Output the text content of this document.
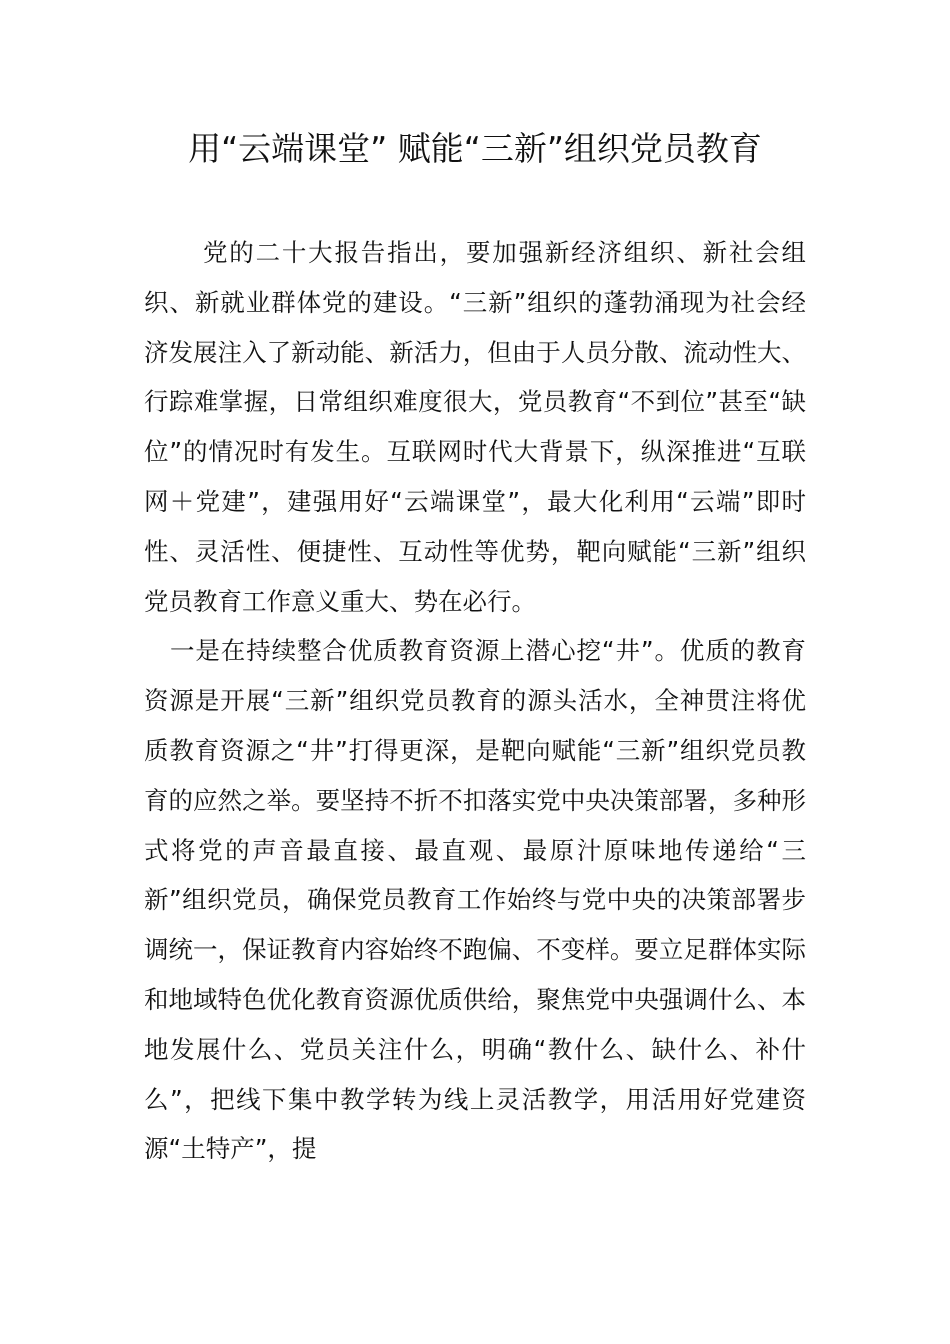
用“云端课堂” 赋能“三新”组织党员教育

党的二十大报告指出，要加强新经济组织、新社会组织、新就业群体党的建设。“三新”组织的蓬勃涌现为社会经济发展注入了新动能、新活力，但由于人员分散、流动性大、行踪难掌握，日常组织难度很大，党员教育“不到位”甚至“缺位”的情况时有发生。互联网时代大背景下，纵深推进“互联网＋党建”，建强用好“云端课堂”，最大化利用“云端”即时性、灵活性、便捷性、互动性等优势，靶向赋能“三新”组织党员教育工作意义重大、势在必行。

一是在持续整合优质教育资源上潜心挖“井”。优质的教育资源是开展“三新”组织党员教育的源头活水，全神贯注将优质教育资源之“井”打得更深，是靶向赋能“三新”组织党员教育的应然之举。要坚持不折不扣落实党中央决策部署，多种形式将党的声音最直接、最直观、最原汁原味地传递给“三新”组织党员，确保党员教育工作始终与党中央的决策部署步调统一，保证教育内容始终不跑偏、不变样。要立足群体实际和地域特色优化教育资源优质供给，聚焦党中央强调什么、本地发展什么、党员关注什么，明确“教什么、缺什么、补什么”，把线下集中教学转为线上灵活教学，用活用好党建资源“土特产”，提
